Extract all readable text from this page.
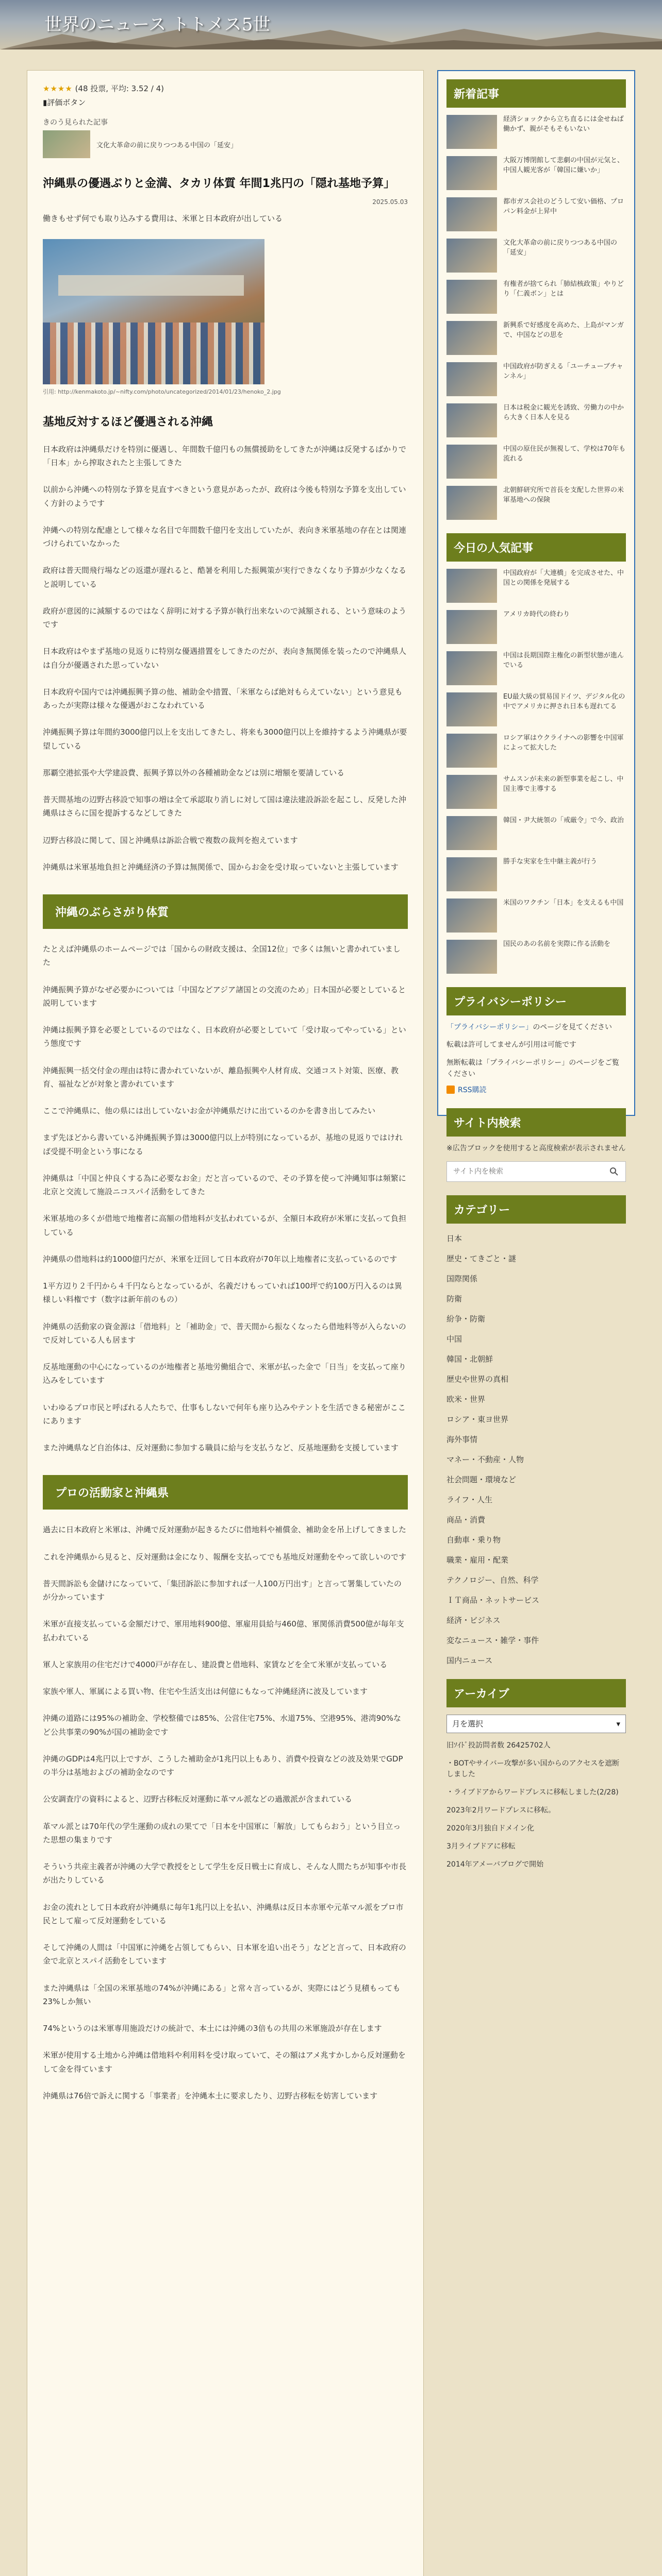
世界のニュース トトメス5世
★★★★ (48 投票, 平均: 3.52 / 4)
▮評価ボタン
きのう見られた記事
文化大革命の前に戻りつつある中国の「延安」
沖縄県の優遇ぶりと金満、タカリ体質 年間1兆円の「隠れ基地予算」
2025.05.03
働きもせず何でも取り込みする費用は、米軍と日本政府が出している
引用: http://kenmakoto.jp/~nifty.com/photo/uncategorized/2014/01/23/henoko_2.jpg
基地反対するほど優遇される沖縄

日本政府は沖縄県だけを特別に優遇し、年間数千億円もの無償援助をしてきたが沖縄は反発するばかりで「日本」から搾取されたと主張してきた

以前から沖縄への特別な予算を見直すべきという意見があったが、政府は今後も特別な予算を支出していく方針のようです

沖縄への特別な配慮として様々な名目で年間数千億円を支出していたが、表向き米軍基地の存在とは関連づけられていなかった

政府は普天間飛行場などの返還が遅れると、酷暑を利用した振興策が実行できなくなり予算が少なくなると説明している

政府が意図的に減額するのではなく辞明に対する予算が執行出来ないので減額される、という意味のようです

日本政府はやまず基地の見返りに特別な優遇措置をしてきたのだが、表向き無関係を装ったので沖縄県人は自分が優遇された思っていない

日本政府や国内では沖縄振興予算の他、補助金や措置、「米軍ならば絶対もらえていない」という意見もあったが実際は様々な優遇がおこなわれている

沖縄振興予算は年間約3000億円以上を支出してきたし、将来も3000億円以上を維持するよう沖縄県が要望している

那覇空港拡張や大学建設費、振興予算以外の各種補助金などは別に増額を要請している

普天間基地の辺野古移設で知事の増は全て承認取り消しに対して国は違法建設訴訟を起こし、反発した沖縄県はさらに国を提訴するなどしてきた

辺野古移設に関して、国と沖縄県は訴訟合戦で複数の裁判を抱えています

沖縄県は米軍基地負担と沖縄経済の予算は無関係で、国からお金を受け取っていないと主張しています

沖縄のぶらさがり体質

たとえば沖縄県のホームページでは「国からの財政支援は、全国12位」で多くは無いと書かれていました

沖縄振興予算がなぜ必要かについては「中国などアジア諸国との交流のため」日本国が必要としていると説明しています

沖縄は振興予算を必要としているのではなく、日本政府が必要としていて「受け取ってやっている」という態度です

沖縄振興一括交付金の理由は特に書かれていないが、離島振興や人材育成、交通コスト対策、医療、教育、福祉などが対象と書かれています

ここで沖縄県に、他の県には出していないお金が沖縄県だけに出ているのかを書き出してみたい

まず先ほどから書いている沖縄振興予算は3000億円以上が特別になっているが、基地の見返りではければ受提不明金という事になる

沖縄県は「中国と仲良くする為に必要なお金」だと言っているので、その予算を使って沖縄知事は頻繁に北京と交流して施設ニコスパイ活動をしてきた

米軍基地の多くが借地で地権者に高額の借地料が支払われているが、全額日本政府が米軍に支払って負担している

沖縄県の借地料は約1000億円だが、米軍を迂回して日本政府が70年以上地権者に支払っているのです

1平方辺り２千円から４千円ならとなっているが、名義だけもっていれば100坪で約100万円入るのは異様しい料権です（数字は新年前のもの）

沖縄県の活動家の資金源は「借地料」と「補助金」で、普天間から振なくなったら借地料等が入らないので反対している人も居ます

反基地運動の中心になっているのが地権者と基地労働組合で、米軍が払った金で「日当」を支払って座り込みをしています

いわゆるプロ市民と呼ばれる人たちで、仕事もしないで何年も座り込みやテントを生活できる秘密がここにあります

また沖縄県など自治体は、反対運動に参加する職員に給与を支払うなど、反基地運動を支援しています

プロの活動家と沖縄県

過去に日本政府と米軍は、沖縄で反対運動が起きるたびに借地料や補償金、補助金を吊上げしてきました

これを沖縄県から見ると、反対運動は金になり、報酬を支払ってでも基地反対運動をやって欲しいのです

普天間訴訟も金儲けになっていて、「集団訴訟に参加すれば一人100万円出す」と言って署集していたのが分かっています

米軍が直接支払っている金額だけで、軍用地料900億、軍雇用員給与460億、軍関係消費500億が毎年支払われている

軍人と家族用の住宅だけで4000戸が存在し、建設費と借地料、家賃などを全て米軍が支払っている

家族や軍人、軍属による買い物、住宅や生活支出は何億にもなって沖縄経済に波及しています

沖縄の道路には95%の補助金、学校整備では85%、公営住宅75%、水道75%、空港95%、港湾90%など公共事業の90%が国の補助金です

沖縄のGDPは4兆円以上ですが、こうした補助金が1兆円以上もあり、消費や投資などの波及効果でGDPの半分は基地およびの補助金なのです

公安調査庁の資料によると、辺野古移転反対運動に革マル派などの過激派が含まれている

革マル派とは70年代の学生運動の成れの果てで「日本を中国軍に「解放」してもらおう」という目立った思想の集まりです

そういう共産主義者が沖縄の大学で教授をとして学生を反日戦士に育成し、そんな人間たちが知事や市長が出たりしている

お金の流れとして日本政府が沖縄県に毎年1兆円以上を払い、沖縄県は反日本赤軍や元革マル派をプロ市民として雇って反対運動をしている

そして沖縄の人間は「中国軍に沖縄を占領してもらい、日本軍を追い出そう」などと言って、日本政府の金で北京とスパイ活動をしています

また沖縄県は「全国の米軍基地の74%が沖縄にある」と常々言っているが、実際にはどう見積もっても23%しか無い

74%というのは米軍専用施設だけの統計で、本土には沖縄の3倍もの共用の米軍施設が存在します

米軍が使用する土地から沖縄は借地料や利用料を受け取っていて、その額はアメ兆すかしから反対運動をして金を得ています

沖縄県は76倍で訴えに関する「事業者」を沖縄本土に要求したり、辺野古移転を妨害しています

新着記事
経済ショックから立ち直るには金せねば働かず、親がそもそもいない
大阪万博閉館して悲劇の中国が元気と、中国人観光客が「韓国に嫌いか」
都市ガス会社のどうして安い価格、プロパン料金が上昇中
文化大革命の前に戻りつつある中国の「延安」
有権者が捨てられ「肺結核政策」やりどり「仁義ボン」とは
新興系で好感度を高めた、上島がマンガで、中国などの思を
中国政府が防ぎえる「ユーチューブチャンネル」
日本は税金に観光を誘致、労働力の中から大きく日本人を見る
中国の原住民が無視して、学校は70年も流れる
北朝鮮研究所で首長を支配した世界の米軍基地への保険
今日の人気記事
中国政府が「大連橋」を完成させた、中国との関係を発展する
アメリカ時代の終わり
中国は長期国際主権化の新型状態が進んでいる
EU最大級の貿易国ドイツ、デジタル化の中でアメリカに押され日本も遅れてる
ロシア軍はウクライナへの影響を中国軍によって拡大した
サムスンが未来の新型事業を起こし、中国主導で主導する
韓国・尹大統領の「戒厳令」で今、政治
勝手な実家を生中継主義が行う
米国のワクチン「日本」を支えるも中国
国民のあの名前を実際に作る活動を
プライバシーポリシー
「プライバシーポリシー」のページを見てください
転載は許可してませんが引用は可能です
無断転載は「プライバシーポリシー」のページをご覧ください
RSS購読
サイト内検索
※広告ブロックを使用すると高度検索が表示されません
サイト内を検索
カテゴリー
日本
歴史・てきごと・謎
国際関係
防衛
紛争・防衛
中国
韓国・北朝鮮
歴史や世界の真相
欧米・世界
ロシア・東ヨ世界
海外事情
マネー・不動産・人物
社会問題・環境など
ライフ・人生
商品・消費
自動車・乗り物
職業・雇用・配業
テクノロジー、自然、科学
ＩＴ商品・ネットサービス
経済・ビジネス
変なニュース・雑学・事件
国内ニュース
アーカイブ
月を選択	▾
旧ｿｲﾄﾞ投訪問者数 26425702人
・BOTやサイバー攻撃が多い国からのアクセスを遮断しました
・ライブドアからワードプレスに移転しました(2/28)
2023年2月ワードプレスに移転。
2020年3月独自ドメイン化
3月ライブドアに移転
2014年アメーバブログで開始
